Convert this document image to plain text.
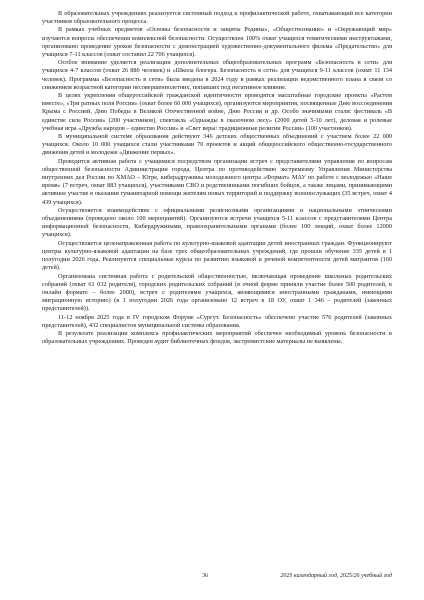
В образовательных учреждениях реализуется системный подход к профилактической работе, охватывающий все категории участников образовательного процесса.

В рамках учебных предметов «Основы безопасности и защиты Родины», «Обществознание» и «Окружающий мир» изучаются вопросы обеспечения комплексной безопасности. Осуществлен 100% охват учащихся тематическими инструктажами, организовано проведение уроков безопасности с демонстрацией художественно-документального фильма «Предательство» для учащихся 7-11 классов (охват составил 22 706 учащихся).

Особое внимание уделяется реализации дополнительных общеобразовательных программ «Безопасность в сети» для учащихся 4-7 классов (охват 26 880 человек) и «Школа блогера. Безопасность в сети» для учащихся 9-11 классов (охват 11 134 человек). Программа «Безопасность в сети» была введена в 2024 году в рамках реализации ведомственного плана в связи со снижением возрастной категории несовершеннолетних, попавших под негативное влияние.

В целях укрепления общероссийской гражданской идентичности проводятся масштабные городские проекты «Растем вместе», «Три ратных поля России» (охват более 60 000 учащихся), организуются мероприятия, посвященные Дню воссоединения Крыма с Россией, Дню Победы в Великой Отечественной войне, Дню России и др. Особо значимыми стали: фестиваль «В единстве сила России» (200 участников), спектакль «Однажды в сказочном лесу» (2000 детей 5-10 лет), деловая и ролевые учебная игра «Дружба народов – единство России» и «Свет веры: традиционные религии России» (100 участников).

В муниципальной системе образования действуют 346 детских общественных объединений с участием более 22 000 учащихся. Около 10 000 учащихся стали участниками 70 проектов и акций общероссийского общественно-государственного движения детей и молодежи «Движение первых».

Проводится активная работа с учащимися посредством организации встреч с представителями управления по вопросам общественной безопасности Администрации города, Центра по противодействию экстремизму Управления Министерства внутренних дел России по ХМАО – Югре, киберадружины молодежного центра «Формат» МАУ по работе с молодежью «Наше время» (7 встреч, охват 883 учащихся), участниками СВО и родственниками погибших бойцов, а также лицами, принимающими активное участие в оказании гуманитарной помощи жителям новых территорий и поддержку военнослужащих (35 встреч, охват 4 439 учащихся).

Осуществляется взаимодействие с официальными религиозными организациями и национальными этническими объединениями (проведено около 100 мероприятий). Организуются встречи учащихся 5-11 классов с представителями Центра информационной безопасности, Кибердружинами, правоохранительными органами (более 100 лекций, охват более 12000 учащихся).

Осуществляется целенаправленная работа по культурно-языковой адаптации детей иностранных граждан. Функционируют центры культурно-языковой адаптации на базе трех общеобразовательных учреждений, где прошли обучение 335 детей в 1 полугодии 2026 года. Реализуются специальные курсы по развитию языковой и речевой компетентности детей мигрантов (160 детей).

Организована системная работа с родительской общественностью, включающая проведение школьных родительских собраний (охват 61 032 родителя), городских родительских собраний (в очной форме приняли участие более 500 родителей, в онлайн формате – более 2000), встреч с родителями учащихся, являющимися иностранными гражданами, имеющими миграционную историю) (в 1 полугодии 2026 года организовано 12 встреч в 18 ОУ, охват 1 346 – родителей (законных представителей)).

11-12 ноября 2025 года в IV городском Форуме «Сургут. Безопасность» обеспечено участие 576 родителей (законных представителей), 432 специалистов муниципальной системы образования.

В результате реализации комплекса профилактических мероприятий обеспечен необходимый уровень безопасности в образовательных учреждениях. Проведен аудит библиотечных фондов, экстремистские материалы не выявлены.

36	2025 календарный год, 2025/26 учебный год
